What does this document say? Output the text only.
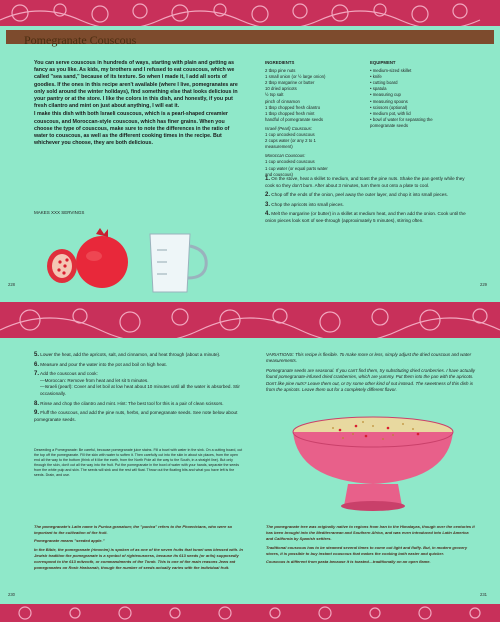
Pomegranate Couscous

You can serve couscous in hundreds of ways, starting with plain and getting as fancy as you like. As kids, my brothers and I refused to eat couscous, which we called "sea sand," because of its texture. So when I made it, I add all sorts of goodies. If the ones in this recipe aren't available (where I live, pomegranates are only sold around the winter holidays), find something else that looks delicious in your pantry or at the store. I like the colors in this dish, and honestly, if you put fresh cilantro and mint on just about anything, I will eat it.

I make this dish with both Israeli couscous, which is a pearl-shaped creamier couscous, and Moroccan-style couscous, which has finer grains. When you choose the type of couscous, make sure to note the differences in the ratio of water to couscous, as well as the different cooking times in the recipe. But whichever you choose, they are both delicious.

MAKES XXX SERVINGS
INGREDIENTS
2 tbsp pine nuts
1 small onion (or ½ large onion)
2 tbsp margarine or butter
10 dried apricots
½ tsp salt
pinch of cinnamon
1 tbsp chopped fresh cilantro
1 tbsp chopped fresh mint
handful of pomegranate seeds
Israeli (Pearl) Couscous:
1 cup uncooked couscous
2 cups water (or any 2 to 1
measurement)
Moroccan Couscous:
1 cup uncooked couscous
1 cup water (or equal parts water
and couscous)
EQUIPMENT
• medium-sized skillet
• knife
• cutting board
• spatula
• measuring cup
• measuring spoons
• scissors (optional)
• medium pot, with lid
• bowl of water for separating the
pomegranate seeds

1. On the stove, heat a skillet to medium, and toast the pine nuts. Shake the pan gently while they cook so they don't burn. After about 3 minutes, turn them out onto a plate to cool.

2. Chop off the ends of the onion, peel away the outer layer, and chop it into small pieces.

3. Chop the apricots into small pieces.

4. Melt the margarine (or butter) in a skillet at medium heat, and then add the onion. Cook until the onion pieces look sort of see-through (approximately 5 minutes), stirring often.

228	229

5. Lower the heat, add the apricots, salt, and cinnamon, and heat through (about a minute).

6. Measure and pour the water into the pot and boil on high heat.

7. Add the couscous and cook:

—Moroccan: Remove from heat and let sit 5 minutes.

—Israeli (pearl): Cover and let boil at low heat about 10 minutes until all the water is absorbed. Stir occasionally.

8. Rinse and chop the cilantro and mint. Hint: The best tool for this is a pair of clean scissors.

9. Fluff the couscous, and add the pine nuts, herbs, and pomegranate seeds. See note below about pomegranate seeds.

Deseeding a Pomegranate: Be careful, because pomegranate juice stains. Fill a bowl with water in the sink. On a cutting board, cut the top off the pomegranate. Fill the skin with water to soften it. Then carefully cut into the skin in about six places, from the open end all the way to the bottom (think of it like the earth, from the North Pole all the way to the South, in a straight line). But only through the skin, don't cut all the way into the fruit. Put the pomegranate in the bowl of water with your hands, separate the seeds from the white pulp and skin. The seeds will sink and the rest will float. Throw out the floating bits and what you have left is the seeds. Drain, and use.

VARIATIONS: This recipe is flexible. To make more or less, simply adjust the dried couscous and water measurements.

Pomegranate seeds are seasonal. If you can't find them, try substituting dried cranberries. I have actually found pomegranate-infused dried cranberries, which are yummy. Put them into the pan with the apricots. Don't like pine nuts? Leave them out, or try some other kind of nut instead. The sweetness of this dish is from the apricots. Leave them out for a completely different flavor.

The pomegranate's Latin name is Punica granatum; the "punica" refers to the Phoenicians, who were so important to the cultivation of the fruit.

Pomegranate means "seeded apple."

In the Bible, the pomegranate (rimonim) is spoken of as one of the seven fruits that Israel was blessed with. In Jewish tradition the pomegranate is a symbol of righteousness, because its 613 seeds (or arils) supposedly correspond to the 613 mitzvoth, or commandments of the Torah. This is one of the main reasons Jews eat pomegranates on Rosh Hashanah, though the number of seeds actually varies with the individual fruit.

The pomegranate tree was originally native to regions from Iran to the Himalayas, though over the centuries it has been brought into the Mediterranean and Southern Africa, and was even introduced into Latin America and California by Spanish settlers.

Traditional couscous has to be steamed several times to come out light and fluffy. But, in modern grocery stores, it is possible to buy instant couscous that makes the cooking both easier and quicker.

Couscous is different from pasta because it is toasted—traditionally on an open flame.

230	231
